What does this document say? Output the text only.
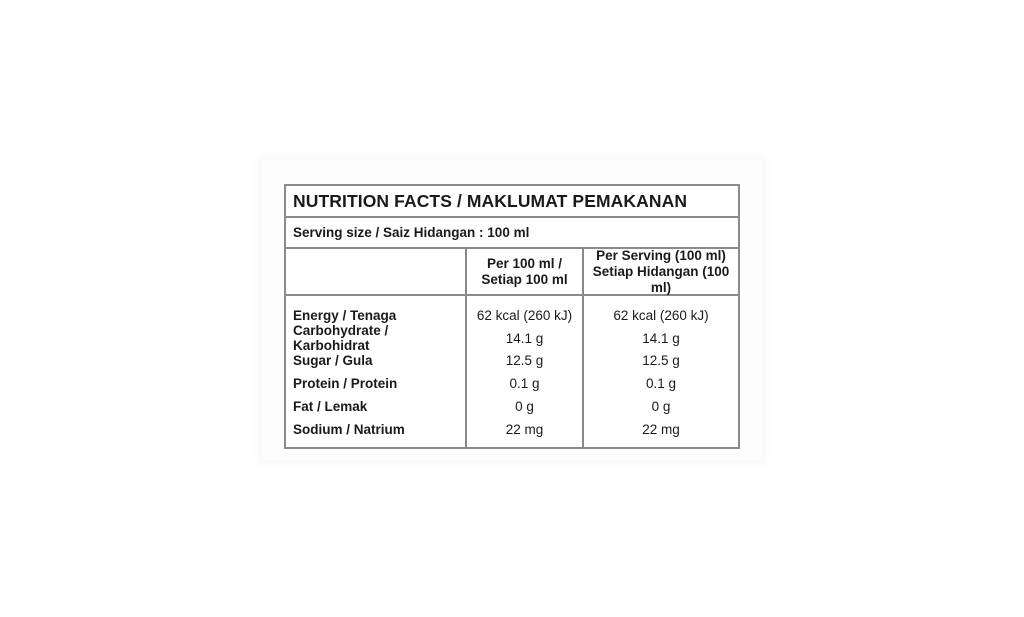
NUTRITION FACTS / MAKLUMAT PEMAKANAN
Serving size / Saiz Hidangan : 100 ml
Per 100 ml /
Setiap 100 ml
Per Serving (100 ml)
Setiap Hidangan (100 ml)
Energy / Tenaga
Carbohydrate / Karbohidrat
Sugar / Gula
Protein / Protein
Fat / Lemak
Sodium / Natrium
62 kcal (260 kJ)
14.1 g
12.5 g
0.1 g
0 g
22 mg
62 kcal (260 kJ)
14.1 g
12.5 g
0.1 g
0 g
22 mg
